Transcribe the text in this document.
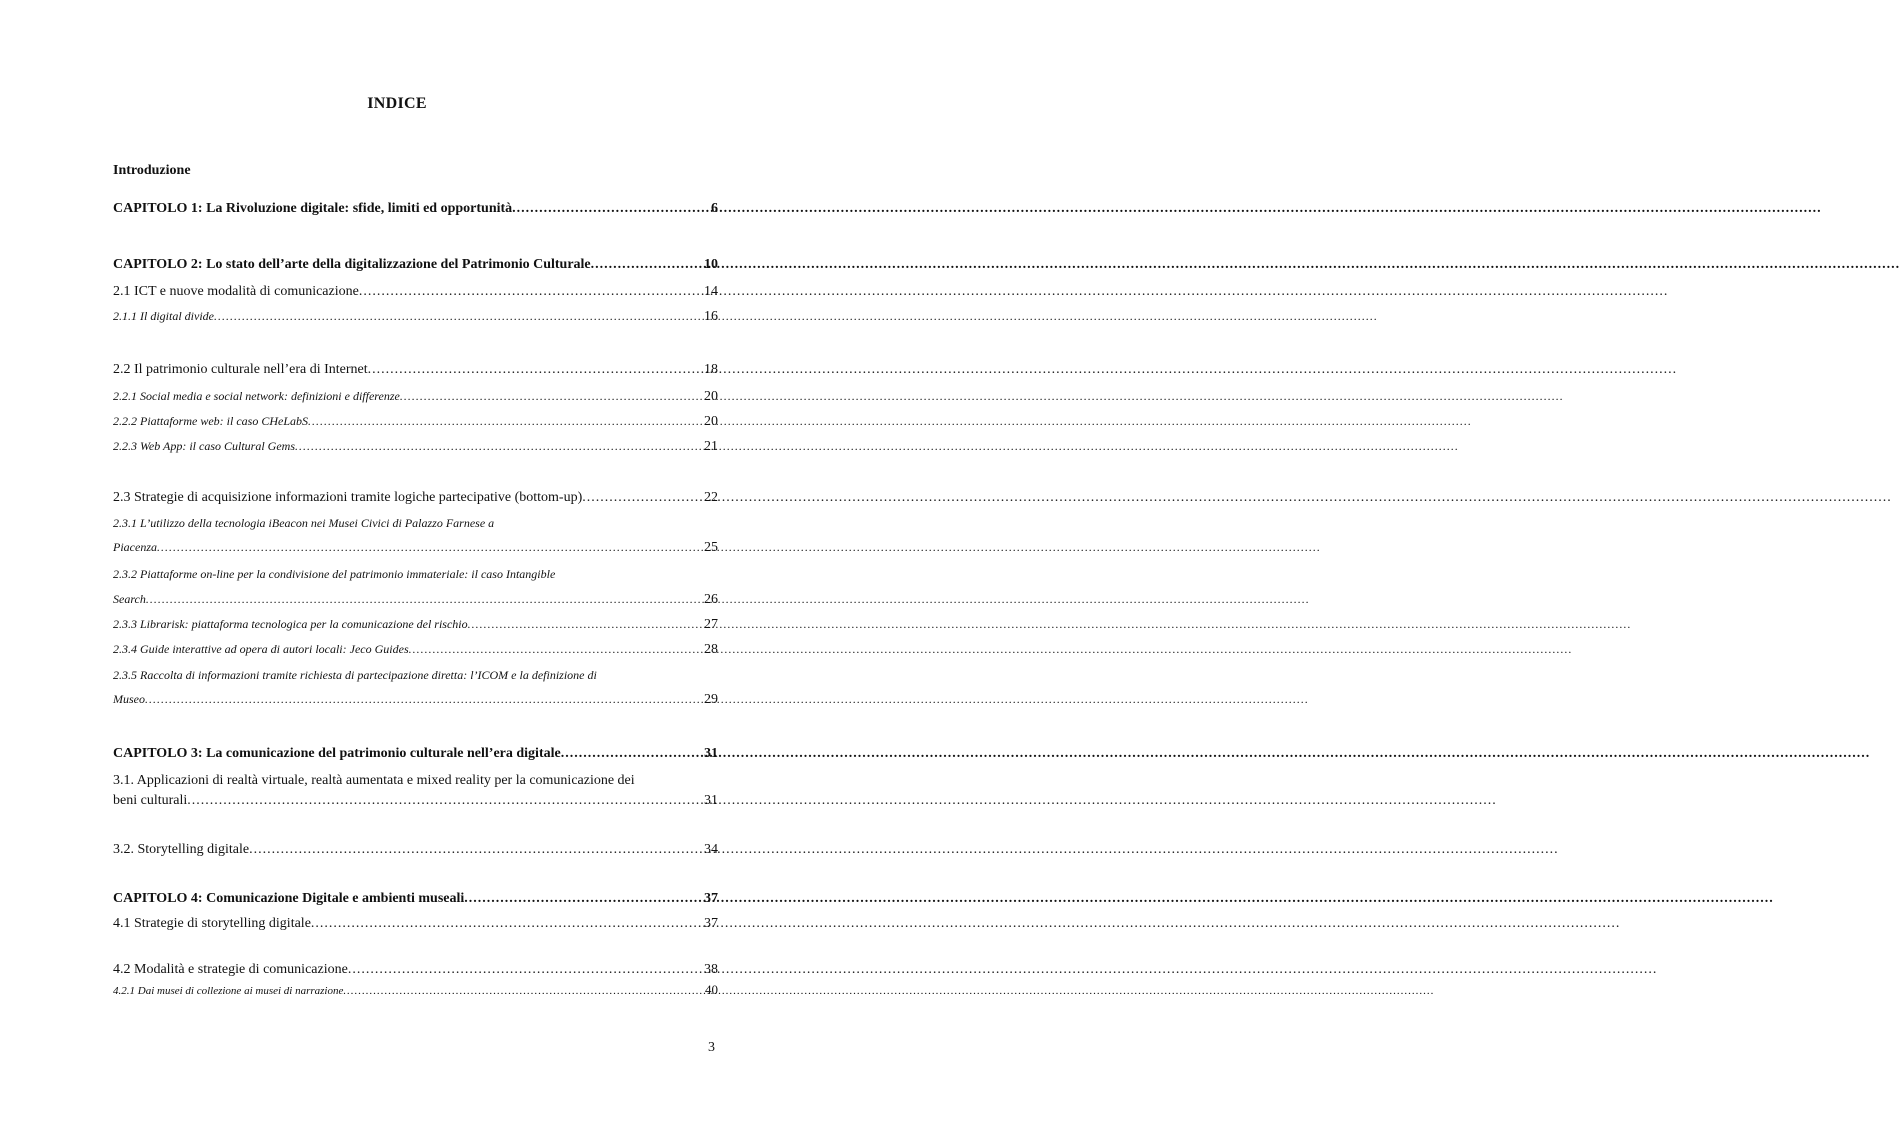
INDICE
Introduzione
CAPITOLO 1: La Rivoluzione digitale: sfide, limiti ed opportunità .....	6
CAPITOLO 2: Lo stato dell’arte della digitalizzazione del Patrimonio Culturale .....	10
2.1 ICT e nuove modalità di comunicazione .....	14
2.1.1 Il digital divide .....	16
2.2 Il patrimonio culturale nell’era di Internet .....	18
2.2.1 Social media e social network: definizioni e differenze .....	20
2.2.2 Piattaforme web: il caso CHeLabS .....	20
2.2.3 Web App: il caso Cultural Gems .....	21
2.3 Strategie di acquisizione informazioni tramite logiche partecipative (bottom-up) .....	22
2.3.1 L’utilizzo della tecnologia iBeacon nei Musei Civici di Palazzo Farnese a
Piacenza .....	25
2.3.2 Piattaforme on-line per la condivisione del patrimonio immateriale: il caso Intangible
Search .....	26
2.3.3 Librarisk: piattaforma tecnologica per la comunicazione del rischio .....	27
2.3.4 Guide interattive ad opera di autori locali: Jeco Guides .....	28
2.3.5 Raccolta di informazioni tramite richiesta di partecipazione diretta: l’ICOM e la definizione di
Museo .....	29
CAPITOLO 3: La comunicazione del patrimonio culturale nell’era digitale .....	31
3.1. Applicazioni di realtà virtuale, realtà aumentata e mixed reality per la comunicazione dei
beni culturali .....	31
3.2. Storytelling digitale .....	34
CAPITOLO 4: Comunicazione Digitale e ambienti museali .....	37
4.1 Strategie di storytelling digitale .....	37
4.2 Modalità e strategie di comunicazione .....	38
4.2.1 Dai musei di collezione ai musei di narrazione .....	40
3
